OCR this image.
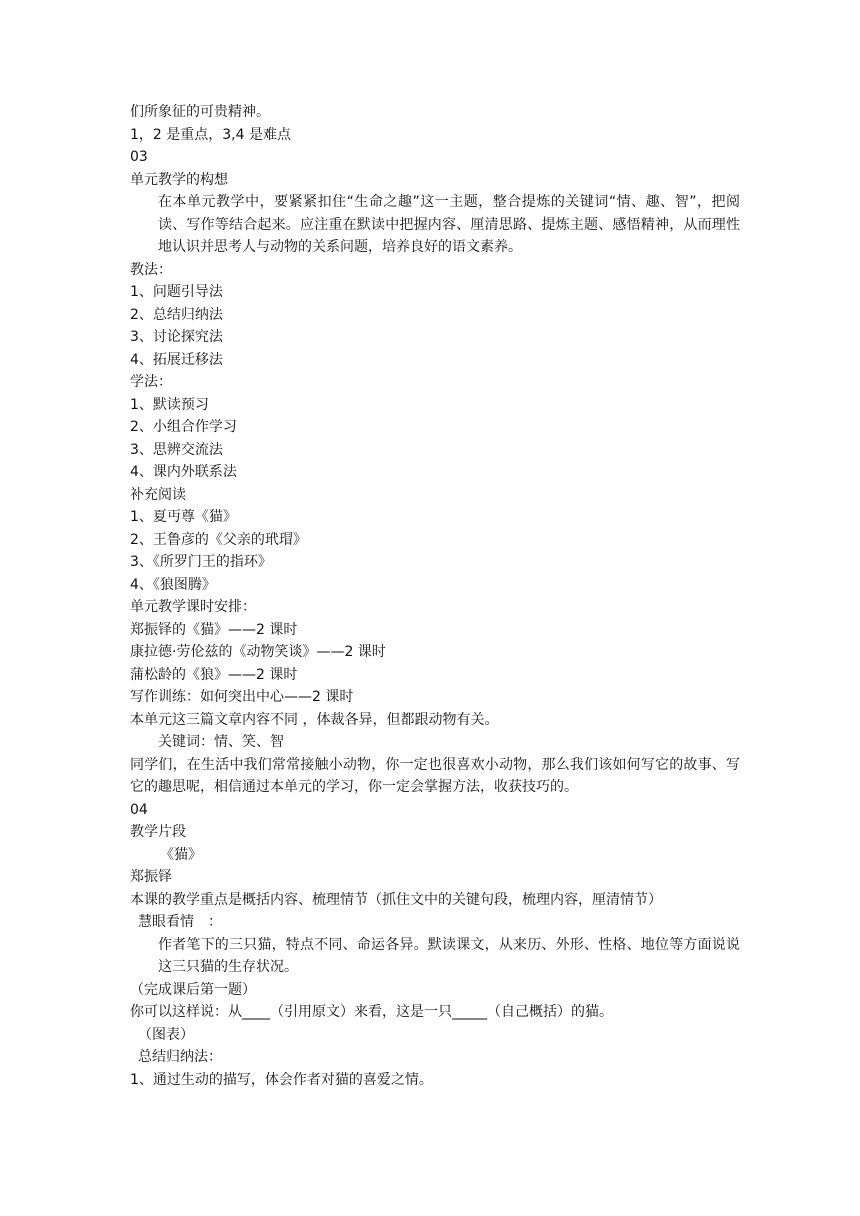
们所象征的可贵精神。
1，2 是重点，3,4 是难点
03
单元教学的构想
在本单元教学中，要紧紧扣住“生命之趣”这一主题，整合提炼的关键词“情、趣、智”，把阅读、写作等结合起来。应注重在默读中把握内容、厘清思路、提炼主题、感悟精神，从而理性地认识并思考人与动物的关系问题，培养良好的语文素养。
教法：
1、问题引导法
2、总结归纳法
3、讨论探究法
4、拓展迁移法
学法：
1、默读预习
2、小组合作学习
3、思辨交流法
4、课内外联系法
补充阅读
1、夏丏尊《猫》
2、王鲁彦的《父亲的玳瑁》
3、《所罗门王的指环》
4、《狼图腾》
单元教学课时安排：
郑振铎的《猫》——2 课时
康拉德·劳伦兹的《动物笑谈》——2 课时
蒲松龄的《狼》——2 课时
写作训练：如何突出中心——2 课时
本单元这三篇文章内容不同 ，体裁各异，但都跟动物有关。
关键词：情、笑、智
同学们，在生活中我们常常接触小动物，你一定也很喜欢小动物，那么我们该如何写它的故事、写它的趣思呢，相信通过本单元的学习，你一定会掌握方法，收获技巧的。
04
教学片段
《猫》
郑振铎
本课的教学重点是概括内容、梳理情节（抓住文中的关键句段，梳理内容，厘清情节）
慧眼看情　：
作者笔下的三只猫，特点不同、命运各异。默读课文，从来历、外形、性格、地位等方面说说这三只猫的生存状况。
（完成课后第一题）
你可以这样说：从____（引用原文）来看，这是一只_____（自己概括）的猫。
（图表）
总结归纳法：
1、通过生动的描写，体会作者对猫的喜爱之情。
